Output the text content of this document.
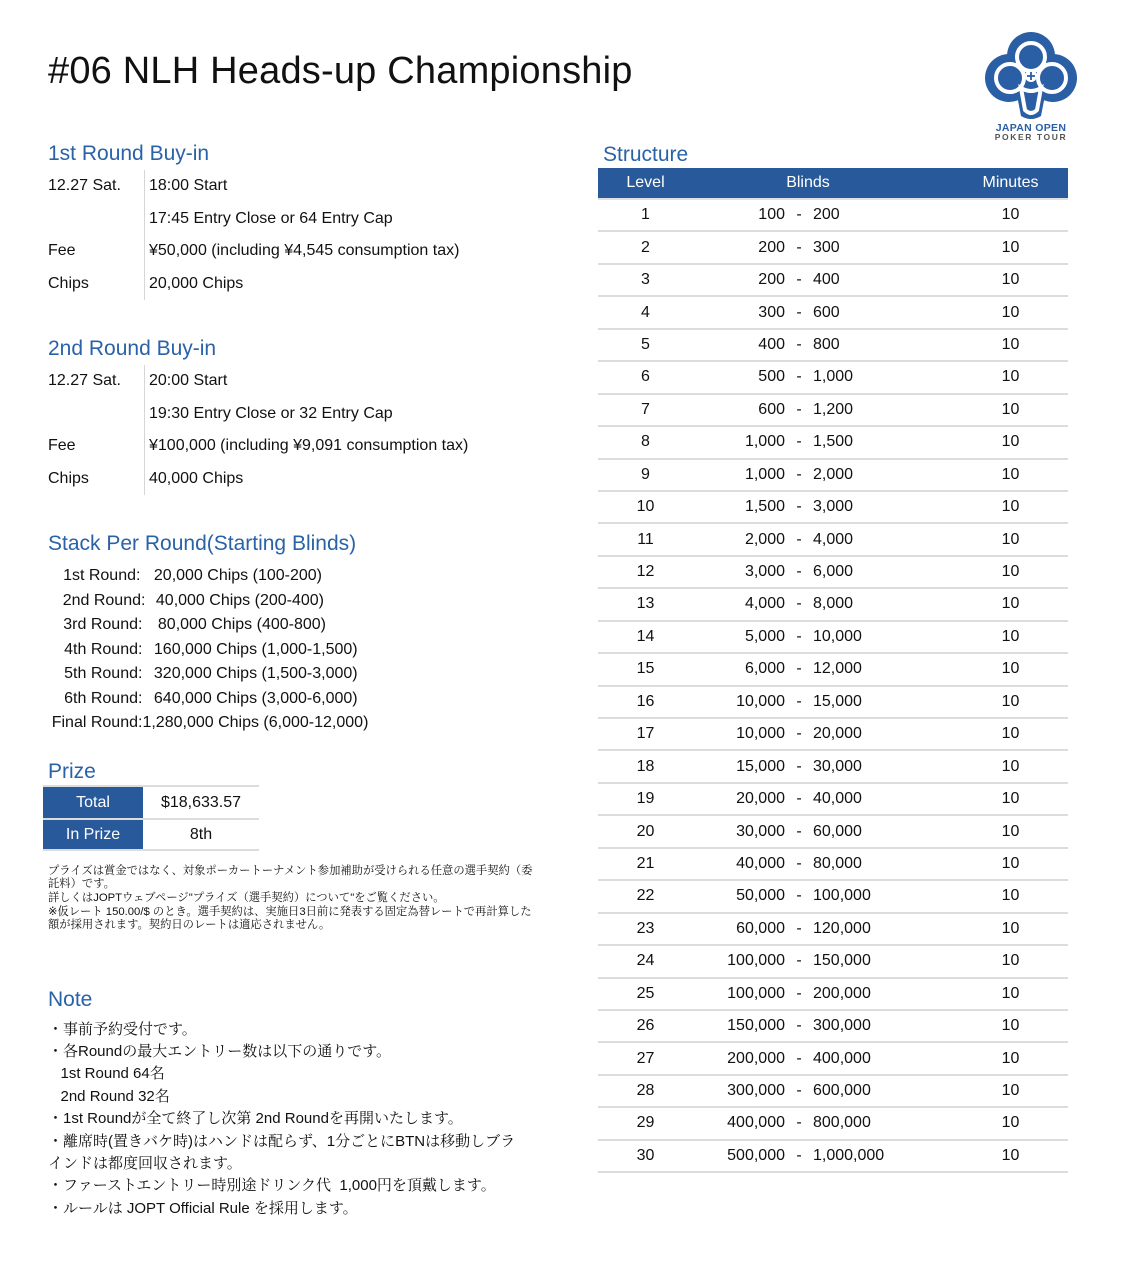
#06 NLH Heads-up Championship
JAPAN OPEN
POKER TOUR
1st Round Buy-in
12.27 Sat.	18:00 Start
17:45 Entry Close or 64 Entry Cap
Fee	¥50,000 (including ¥4,545 consumption tax)
Chips	20,000 Chips
2nd Round Buy-in
12.27 Sat.	20:00 Start
19:30 Entry Close or 32 Entry Cap
Fee	¥100,000 (including ¥9,091 consumption tax)
Chips	40,000 Chips
Stack Per Round(Starting Blinds)
1st Round : 20,000 Chips (100-200)
2nd Round : 40,000 Chips (200-400)
3rd Round : 80,000 Chips (400-800)
4th Round : 160,000 Chips (1,000-1,500)
5th Round : 320,000 Chips (1,500-3,000)
6th Round : 640,000 Chips (3,000-6,000)
Final Round : 1,280,000 Chips (6,000-12,000)
Prize
Total	$18,633.57
In Prize	8th

プライズは賞金ではなく、対象ポーカートーナメント参加補助が受けられる任意の選手契約（委託料）です。

詳しくはJOPTウェブページ"プライズ（選手契約）について"をご覧ください。

※仮レート 150.00/$ のとき。選手契約は、実施日3日前に発表する固定為替レートで再計算した額が採用されます。契約日のレートは適応されません。

Note
・事前予約受付です。
・各Roundの最大エントリー数は以下の通りです。
1st Round 64名
2nd Round 32名
・1st Roundが全て終了し次第 2nd Roundを再開いたします。
・離席時(置きバケ時)はハンドは配らず、1分ごとにBTNは移動しブラ
インドは都度回収されます。
・ファーストエントリー時別途ドリンク代  1,000円を頂戴します。
・ルールは JOPT Official Rule を採用します。
Structure
Level	Blinds	Minutes
1	100 - 200	10
2	200 - 300	10
3	200 - 400	10
4	300 - 600	10
5	400 - 800	10
6	500 - 1,000	10
7	600 - 1,200	10
8	1,000 - 1,500	10
9	1,000 - 2,000	10
10	1,500 - 3,000	10
11	2,000 - 4,000	10
12	3,000 - 6,000	10
13	4,000 - 8,000	10
14	5,000 - 10,000	10
15	6,000 - 12,000	10
16	10,000 - 15,000	10
17	10,000 - 20,000	10
18	15,000 - 30,000	10
19	20,000 - 40,000	10
20	30,000 - 60,000	10
21	40,000 - 80,000	10
22	50,000 - 100,000	10
23	60,000 - 120,000	10
24	100,000 - 150,000	10
25	100,000 - 200,000	10
26	150,000 - 300,000	10
27	200,000 - 400,000	10
28	300,000 - 600,000	10
29	400,000 - 800,000	10
30	500,000 - 1,000,000	10
